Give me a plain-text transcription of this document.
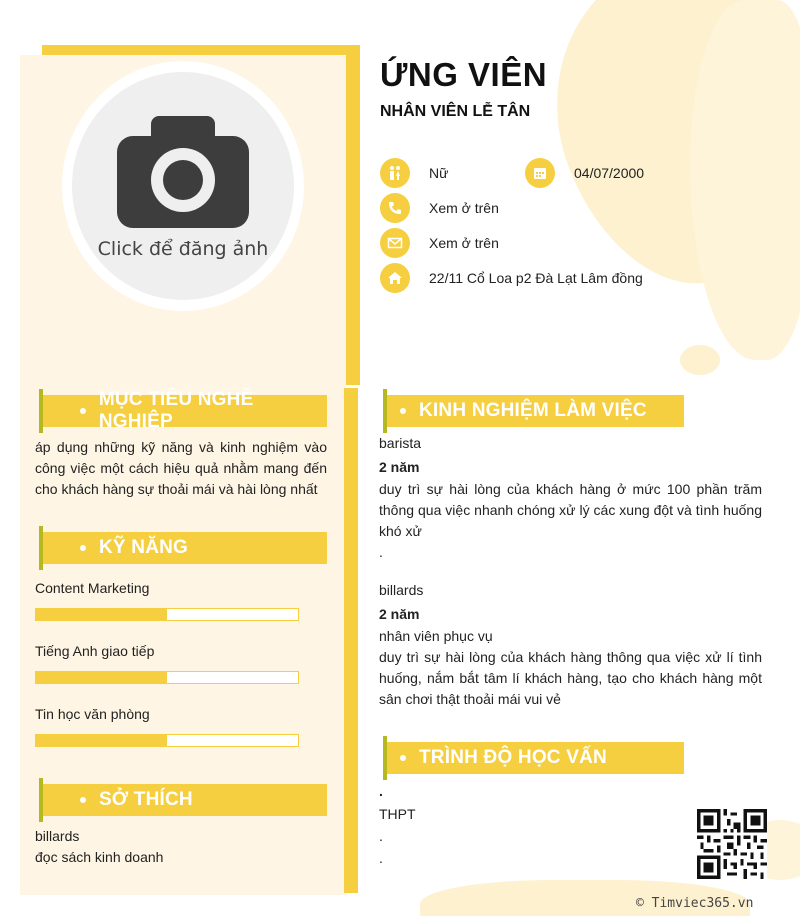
Click để đăng ảnh
ỨNG VIÊN
NHÂN VIÊN LỄ TÂN
Nữ	04/07/2000
Xem ở trên
Xem ở trên
22/11 Cổ Loa p2 Đà Lạt Lâm đồng
MỤC TIÊU NGHỀ NGHIỆP
áp dụng những kỹ năng và kinh nghiệm vào công việc một cách hiệu quả nhằm mang đến cho khách hàng sự thoải mái và hài lòng nhất
KỸ NĂNG
Content Marketing
Tiếng Anh giao tiếp
Tin học văn phòng
SỞ THÍCH
billards
đọc sách kinh doanh
KINH NGHIỆM LÀM VIỆC
barista
2 năm
duy trì sự hài lòng của khách hàng ở mức 100 phần trăm thông qua việc nhanh chóng xử lý các xung đột và tình huống khó xử
.
billards
2 năm
nhân viên phục vụ
duy trì sự hài lòng của khách hàng thông qua việc xử lí tình huống, nắm bắt tâm lí khách hàng, tạo cho khách hàng một sân chơi thật thoải mái vui vẻ
TRÌNH ĐỘ HỌC VẤN
.
THPT
.
.
© Timviec365.vn
